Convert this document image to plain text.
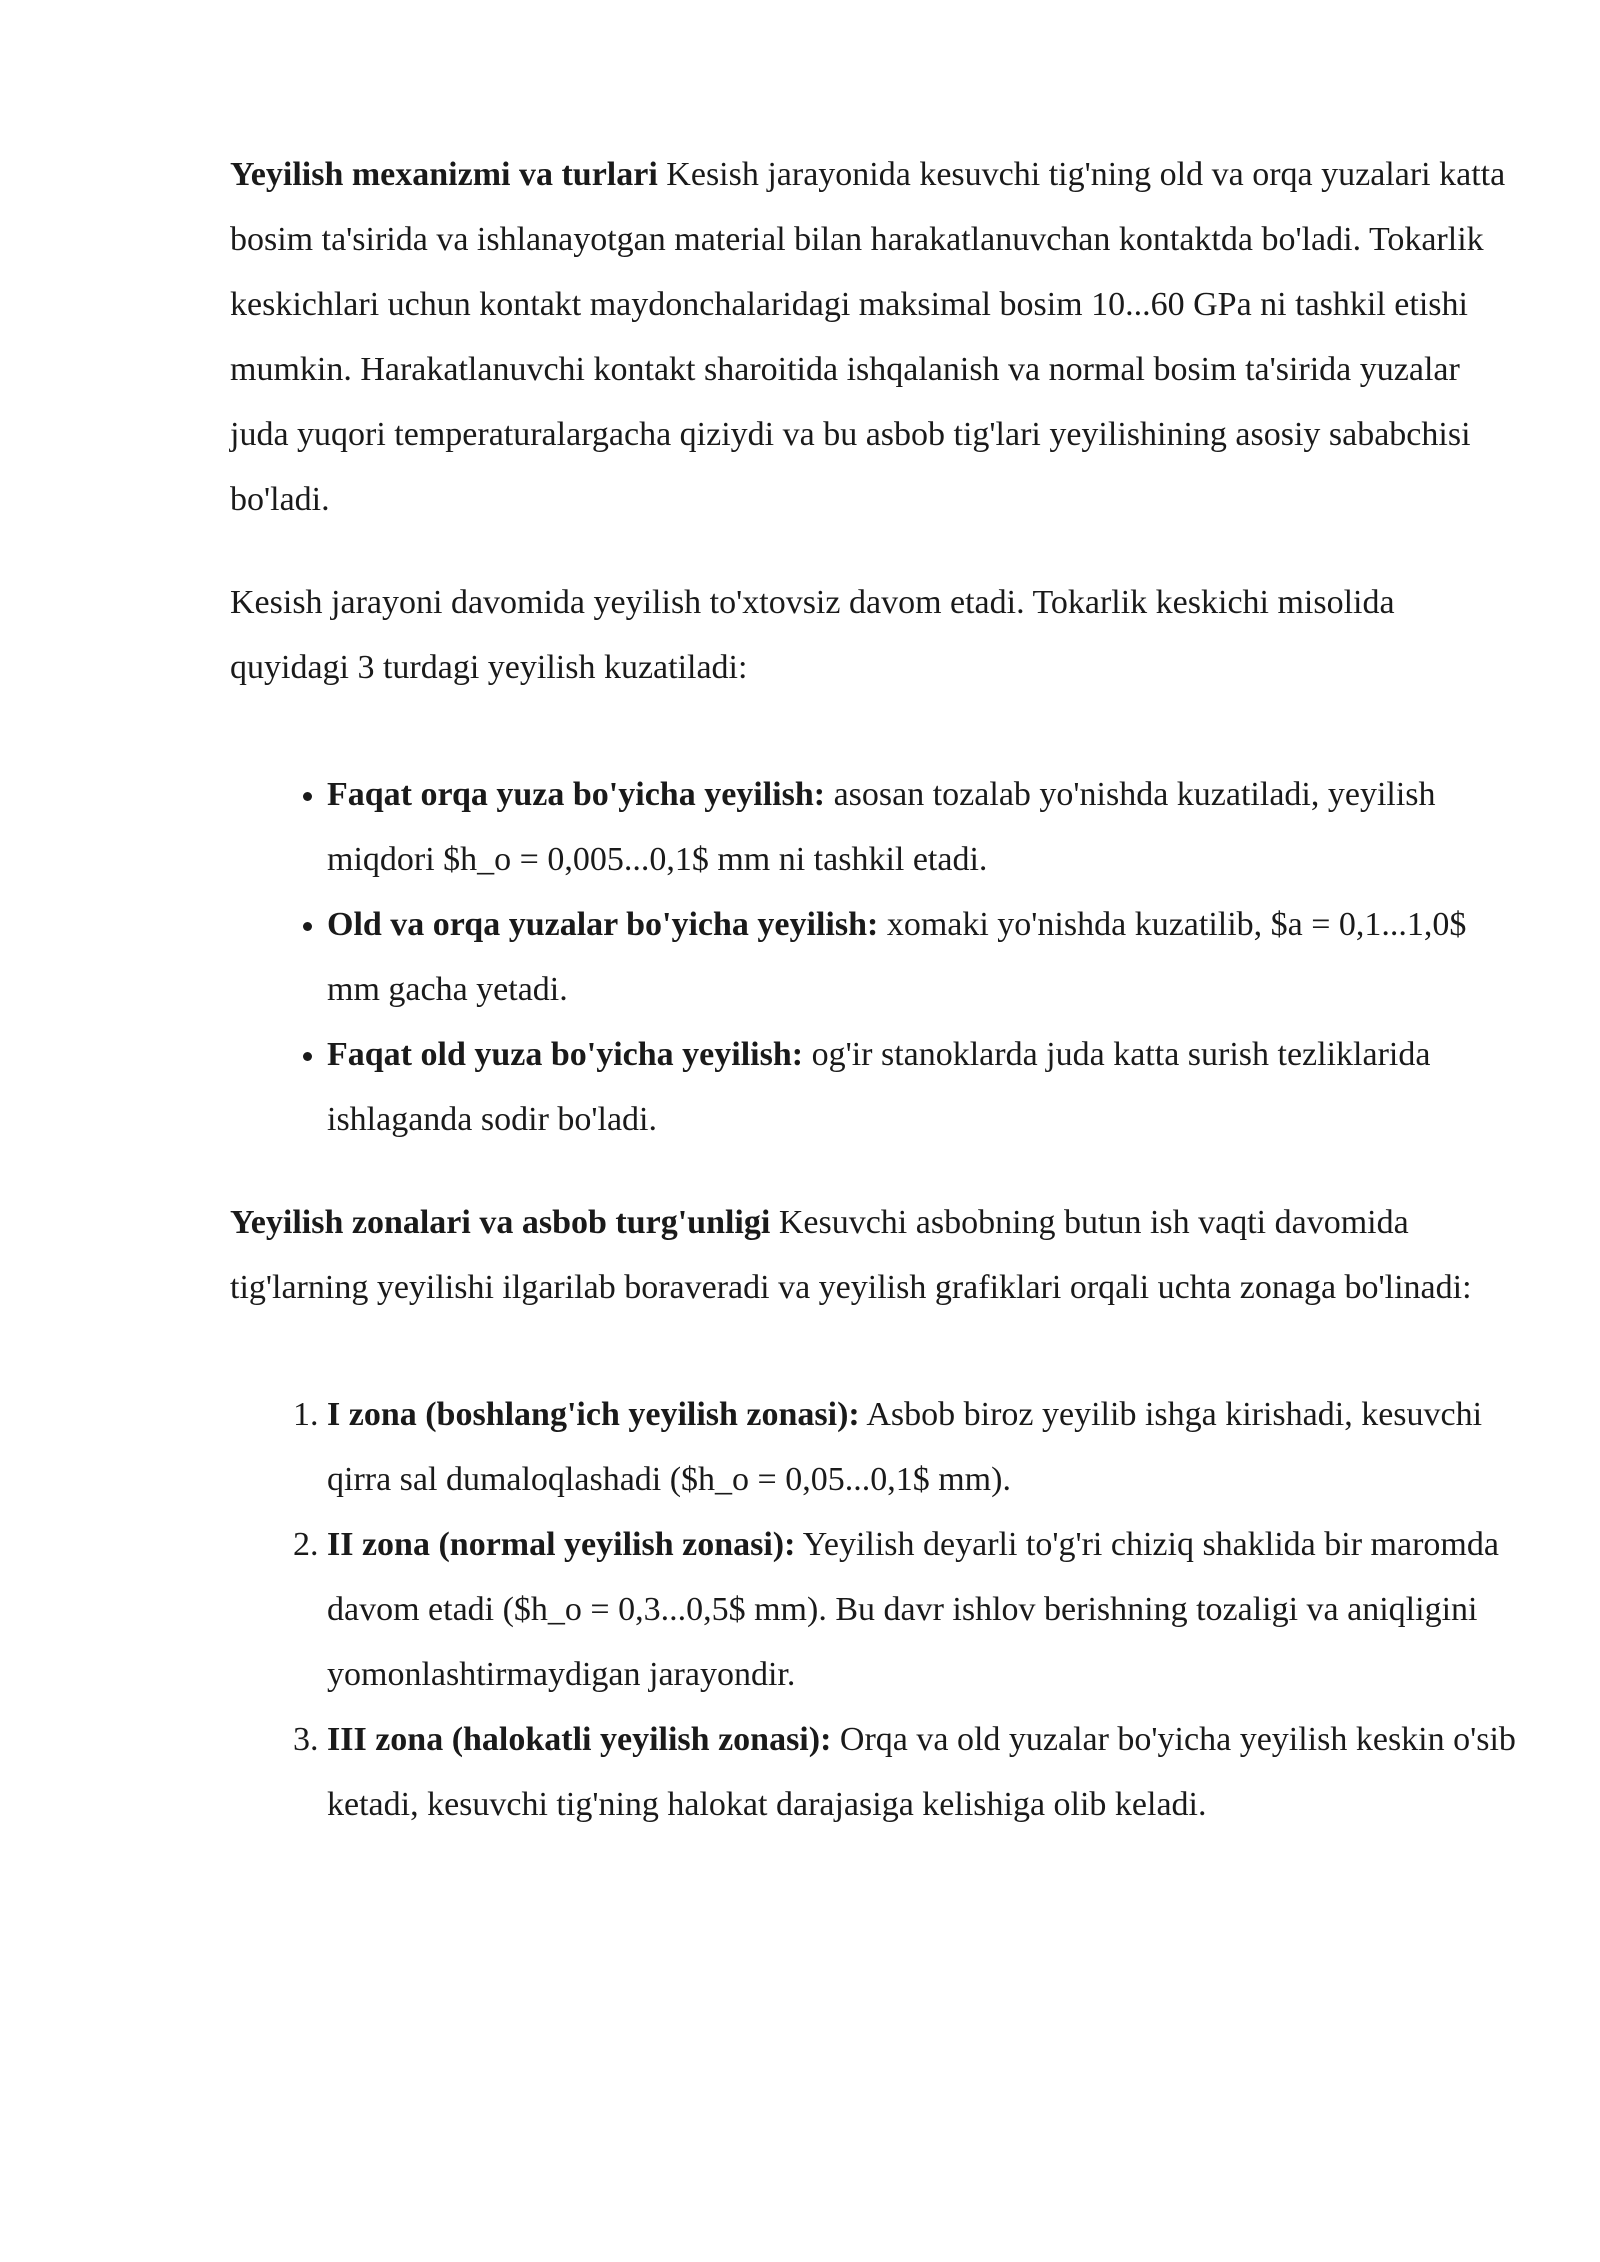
Yeyilish mexanizmi va turlari Kesish jarayonida kesuvchi tig'ning old va orqa yuzalari katta bosim ta'sirida va ishlanayotgan material bilan harakatlanuvchan kontaktda bo'ladi. Tokarlik keskichlari uchun kontakt maydonchalaridagi maksimal bosim 10...60 GPa ni tashkil etishi mumkin. Harakatlanuvchi kontakt sharoitida ishqalanish va normal bosim ta'sirida yuzalar juda yuqori temperaturalargacha qiziydi va bu asbob tig'lari yeyilishining asosiy sababchisi bo'ladi.

Kesish jarayoni davomida yeyilish to'xtovsiz davom etadi. Tokarlik keskichi misolida quyidagi 3 turdagi yeyilish kuzatiladi:

• Faqat orqa yuza bo'yicha yeyilish: asosan tozalab yo'nishda kuzatiladi, yeyilish miqdori $h_o = 0,005...0,1$ mm ni tashkil etadi.
• Old va orqa yuzalar bo'yicha yeyilish: xomaki yo'nishda kuzatilib, $a = 0,1...1,0$ mm gacha yetadi.
• Faqat old yuza bo'yicha yeyilish: og'ir stanoklarda juda katta surish tezliklarida ishlaganda sodir bo'ladi.

Yeyilish zonalari va asbob turg'unligi Kesuvchi asbobning butun ish vaqti davomida tig'larning yeyilishi ilgarilab boraveradi va yeyilish grafiklari orqali uchta zonaga bo'linadi:

1. I zona (boshlang'ich yeyilish zonasi): Asbob biroz yeyilib ishga kirishadi, kesuvchi qirra sal dumaloqlashadi ($h_o = 0,05...0,1$ mm).
2. II zona (normal yeyilish zonasi): Yeyilish deyarli to'g'ri chiziq shaklida bir maromda davom etadi ($h_o = 0,3...0,5$ mm). Bu davr ishlov berishning tozaligi va aniqligini yomonlashtirmaydigan jarayondir.
3. III zona (halokatli yeyilish zonasi): Orqa va old yuzalar bo'yicha yeyilish keskin o'sib ketadi, kesuvchi tig'ning halokat darajasiga kelishiga olib keladi.
